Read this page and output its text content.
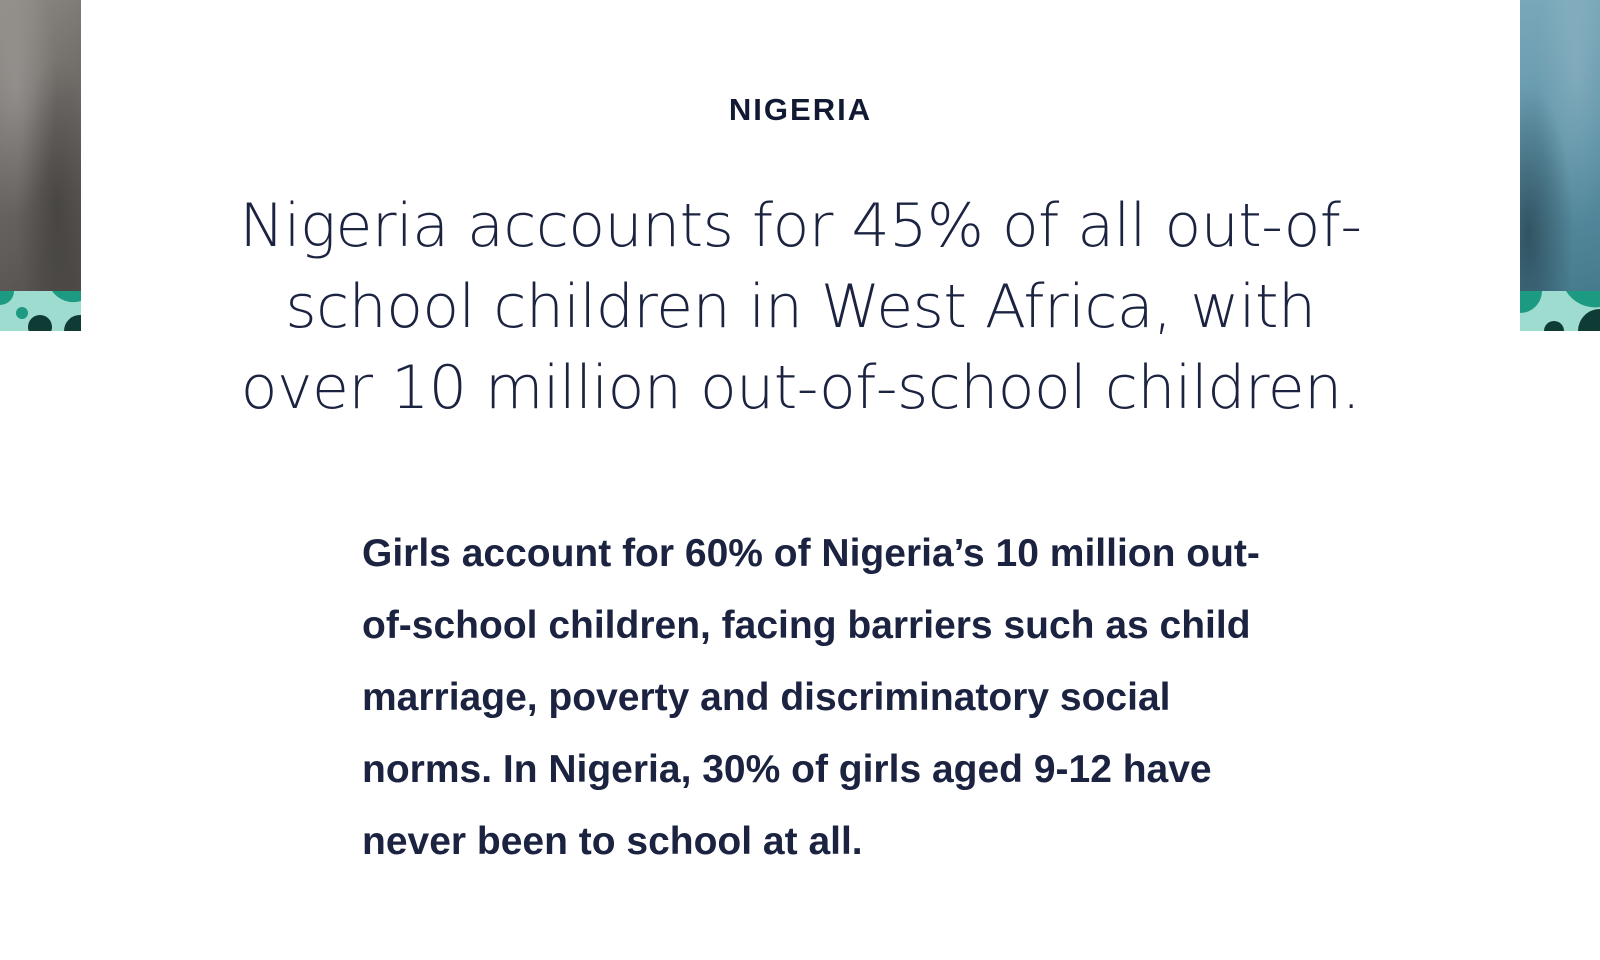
NIGERIA
Nigeria accounts for 45% of all out-of-school children in West Africa, with over 10 million out-of-school children.

Girls account for 60% of Nigeria’s 10 million out-of-school children, facing barriers such as child marriage, poverty and discriminatory social norms. In Nigeria, 30% of girls aged 9-12 have never been to school at all.
